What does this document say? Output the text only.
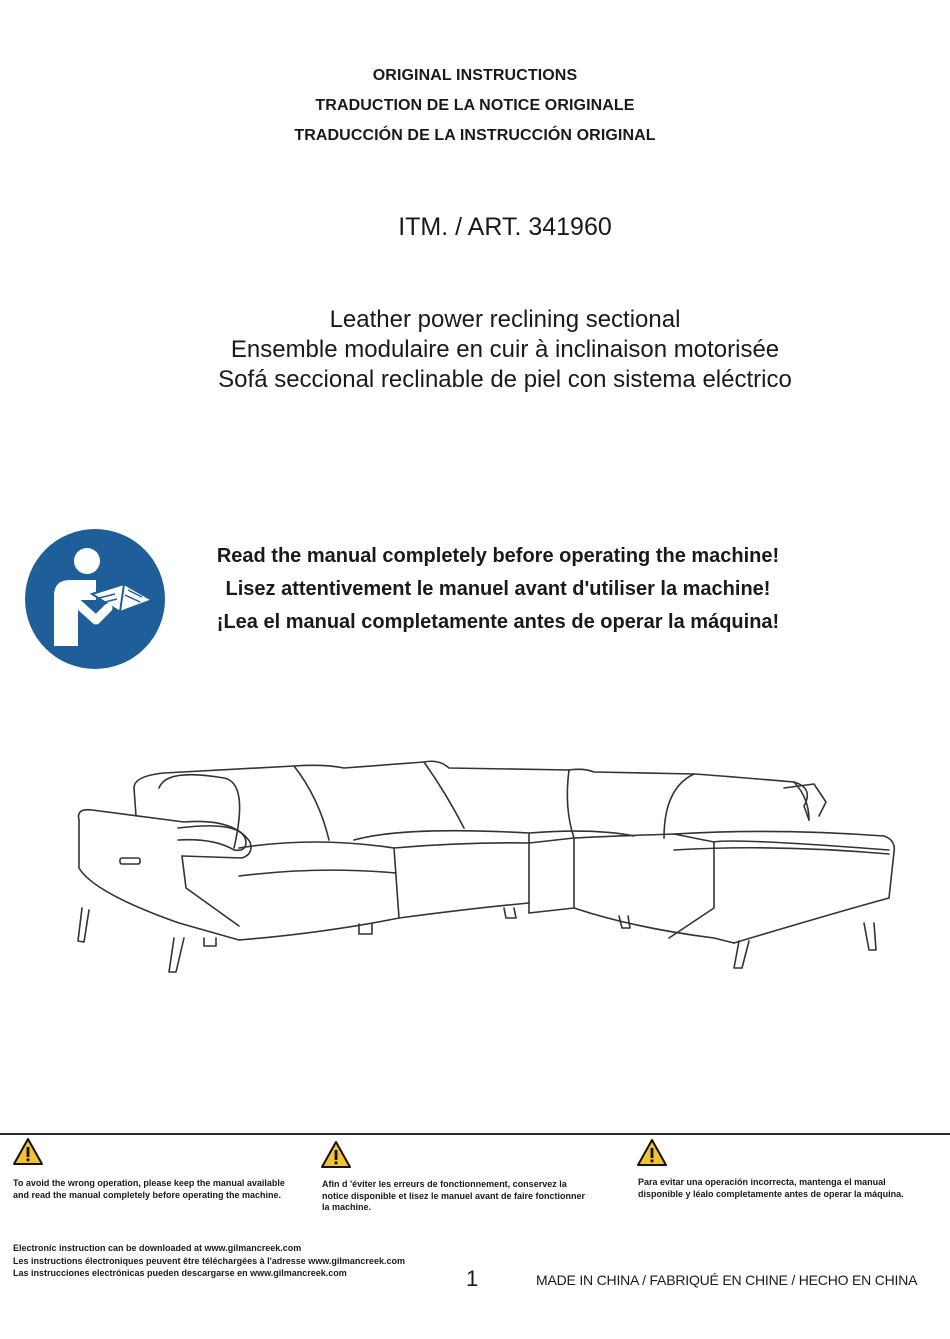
ORIGINAL INSTRUCTIONS
TRADUCTION DE LA NOTICE ORIGINALE
TRADUCCIÓN DE LA INSTRUCCIÓN ORIGINAL
ITM. / ART. 341960
Leather power reclining sectional
Ensemble modulaire en cuir à inclinaison motorisée
Sofá seccional reclinable de piel con sistema eléctrico
Read the manual completely before operating the machine!
Lisez attentivement le manuel avant d'utiliser la machine!
¡Lea el manual completamente antes de operar la máquina!
To avoid the wrong operation, please keep the manual available and read the manual completely before operating the machine.
Afin d 'éviter les erreurs de fonctionnement, conservez la notice disponible et lisez le manuel avant de faire fonctionner la machine.
Para evitar una operación incorrecta, mantenga el manual disponible y léalo completamente antes de operar la máquina.
Electronic instruction can be downloaded at www.gilmancreek.com
Les instructions électroniques peuvent être téléchargées à l'adresse www.gilmancreek.com
Las instrucciones electrónicas pueden descargarse en www.gilmancreek.com	1	MADE IN CHINA / FABRIQUÉ EN CHINE / HECHO EN CHINA
